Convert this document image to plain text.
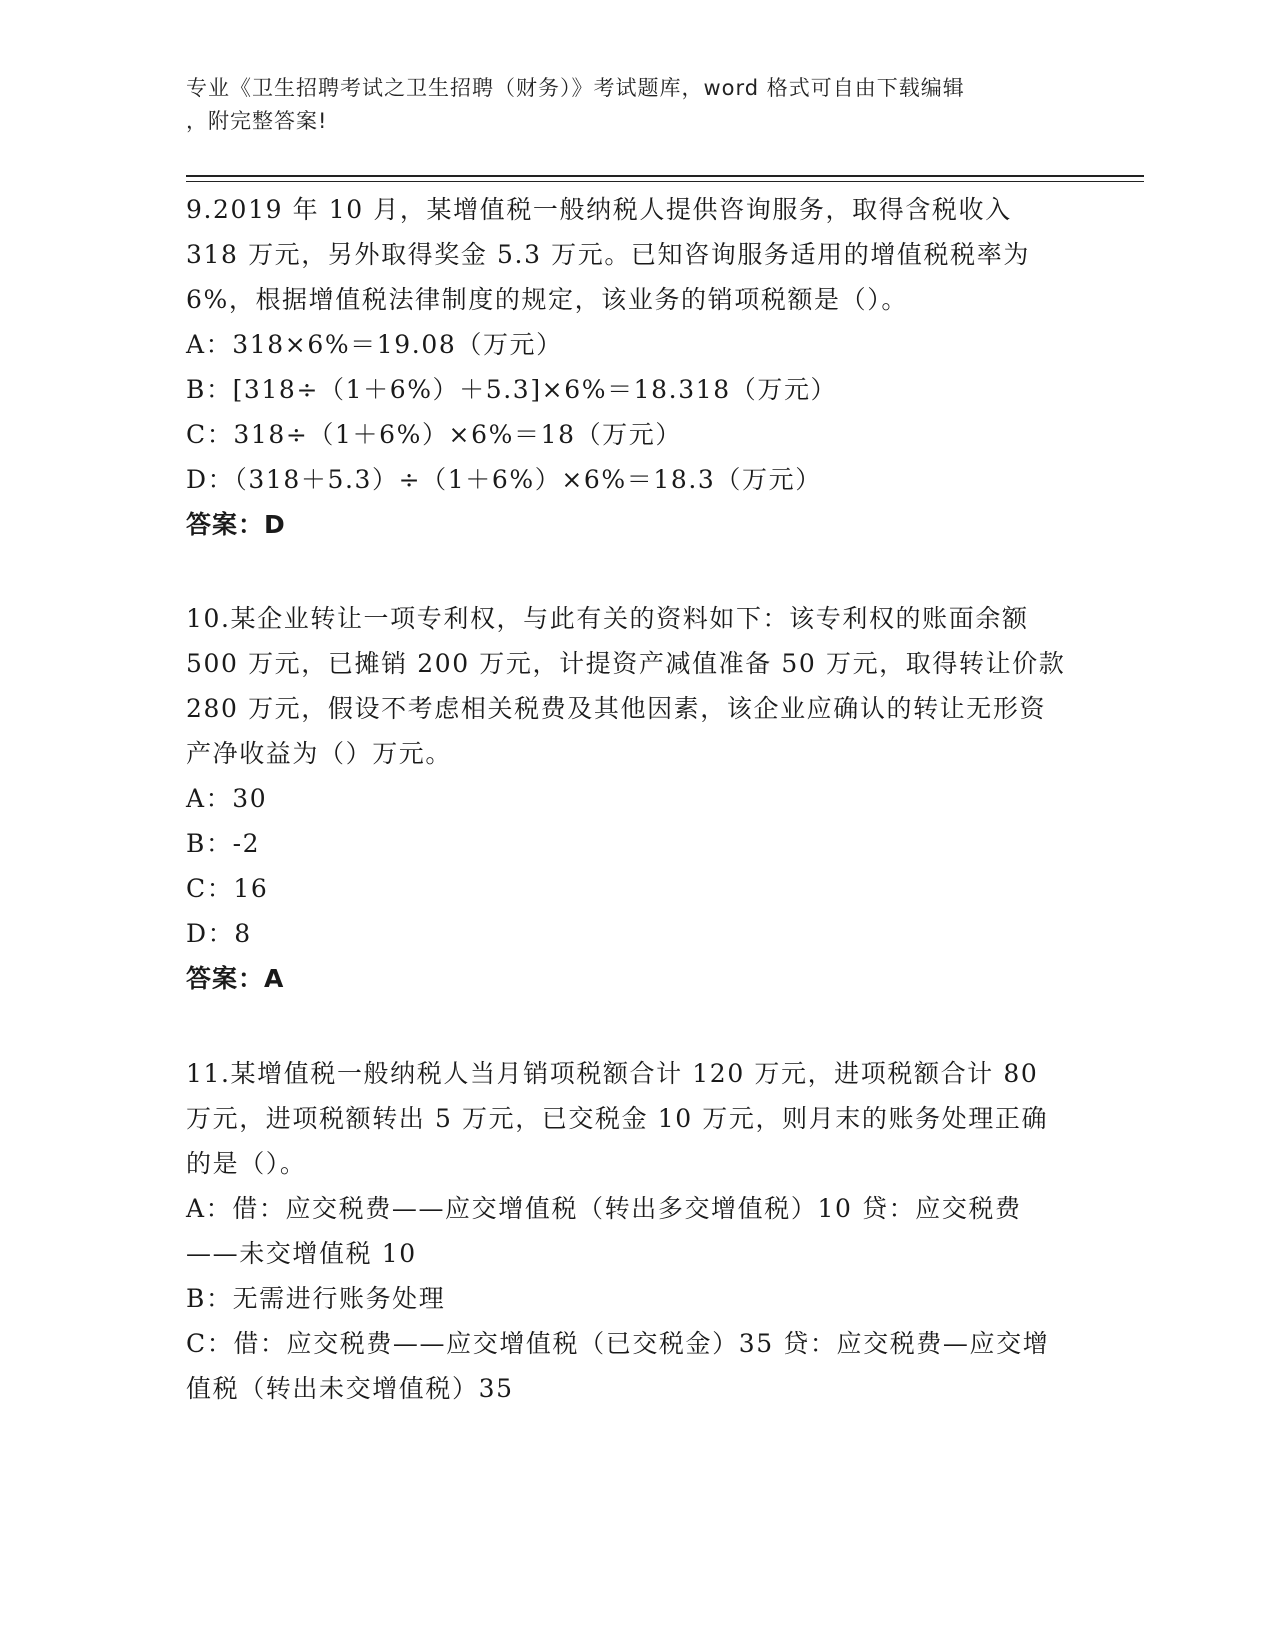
专业《卫生招聘考试之卫生招聘（财务）》考试题库，word 格式可自由下载编辑
，附完整答案!

9.2019 年 10 月，某增值税一般纳税人提供咨询服务，取得含税收入 318 万元，另外取得奖金 5.3 万元。已知咨询服务适用的增值税税率为 6%，根据增值税法律制度的规定，该业务的销项税额是（）。

A：318×6%＝19.08（万元）

B：[318÷（1＋6%）＋5.3]×6%＝18.318（万元）

C：318÷（1＋6%）×6%＝18（万元）

D：（318＋5.3）÷（1＋6%）×6%＝18.3（万元）

答案：D

10.某企业转让一项专利权，与此有关的资料如下：该专利权的账面余额 500 万元，已摊销 200 万元，计提资产减值准备 50 万元，取得转让价款 280 万元，假设不考虑相关税费及其他因素，该企业应确认的转让无形资产净收益为（）万元。

A：30

B：-2

C：16

D：8

答案：A

11.某增值税一般纳税人当月销项税额合计 120 万元，进项税额合计 80 万元，进项税额转出 5 万元，已交税金 10 万元，则月末的账务处理正确的是（）。

A：借：应交税费——应交增值税（转出多交增值税）10 贷：应交税费——未交增值税 10

B：无需进行账务处理

C：借：应交税费——应交增值税（已交税金）35 贷：应交税费—应交增值税（转出未交增值税）35
